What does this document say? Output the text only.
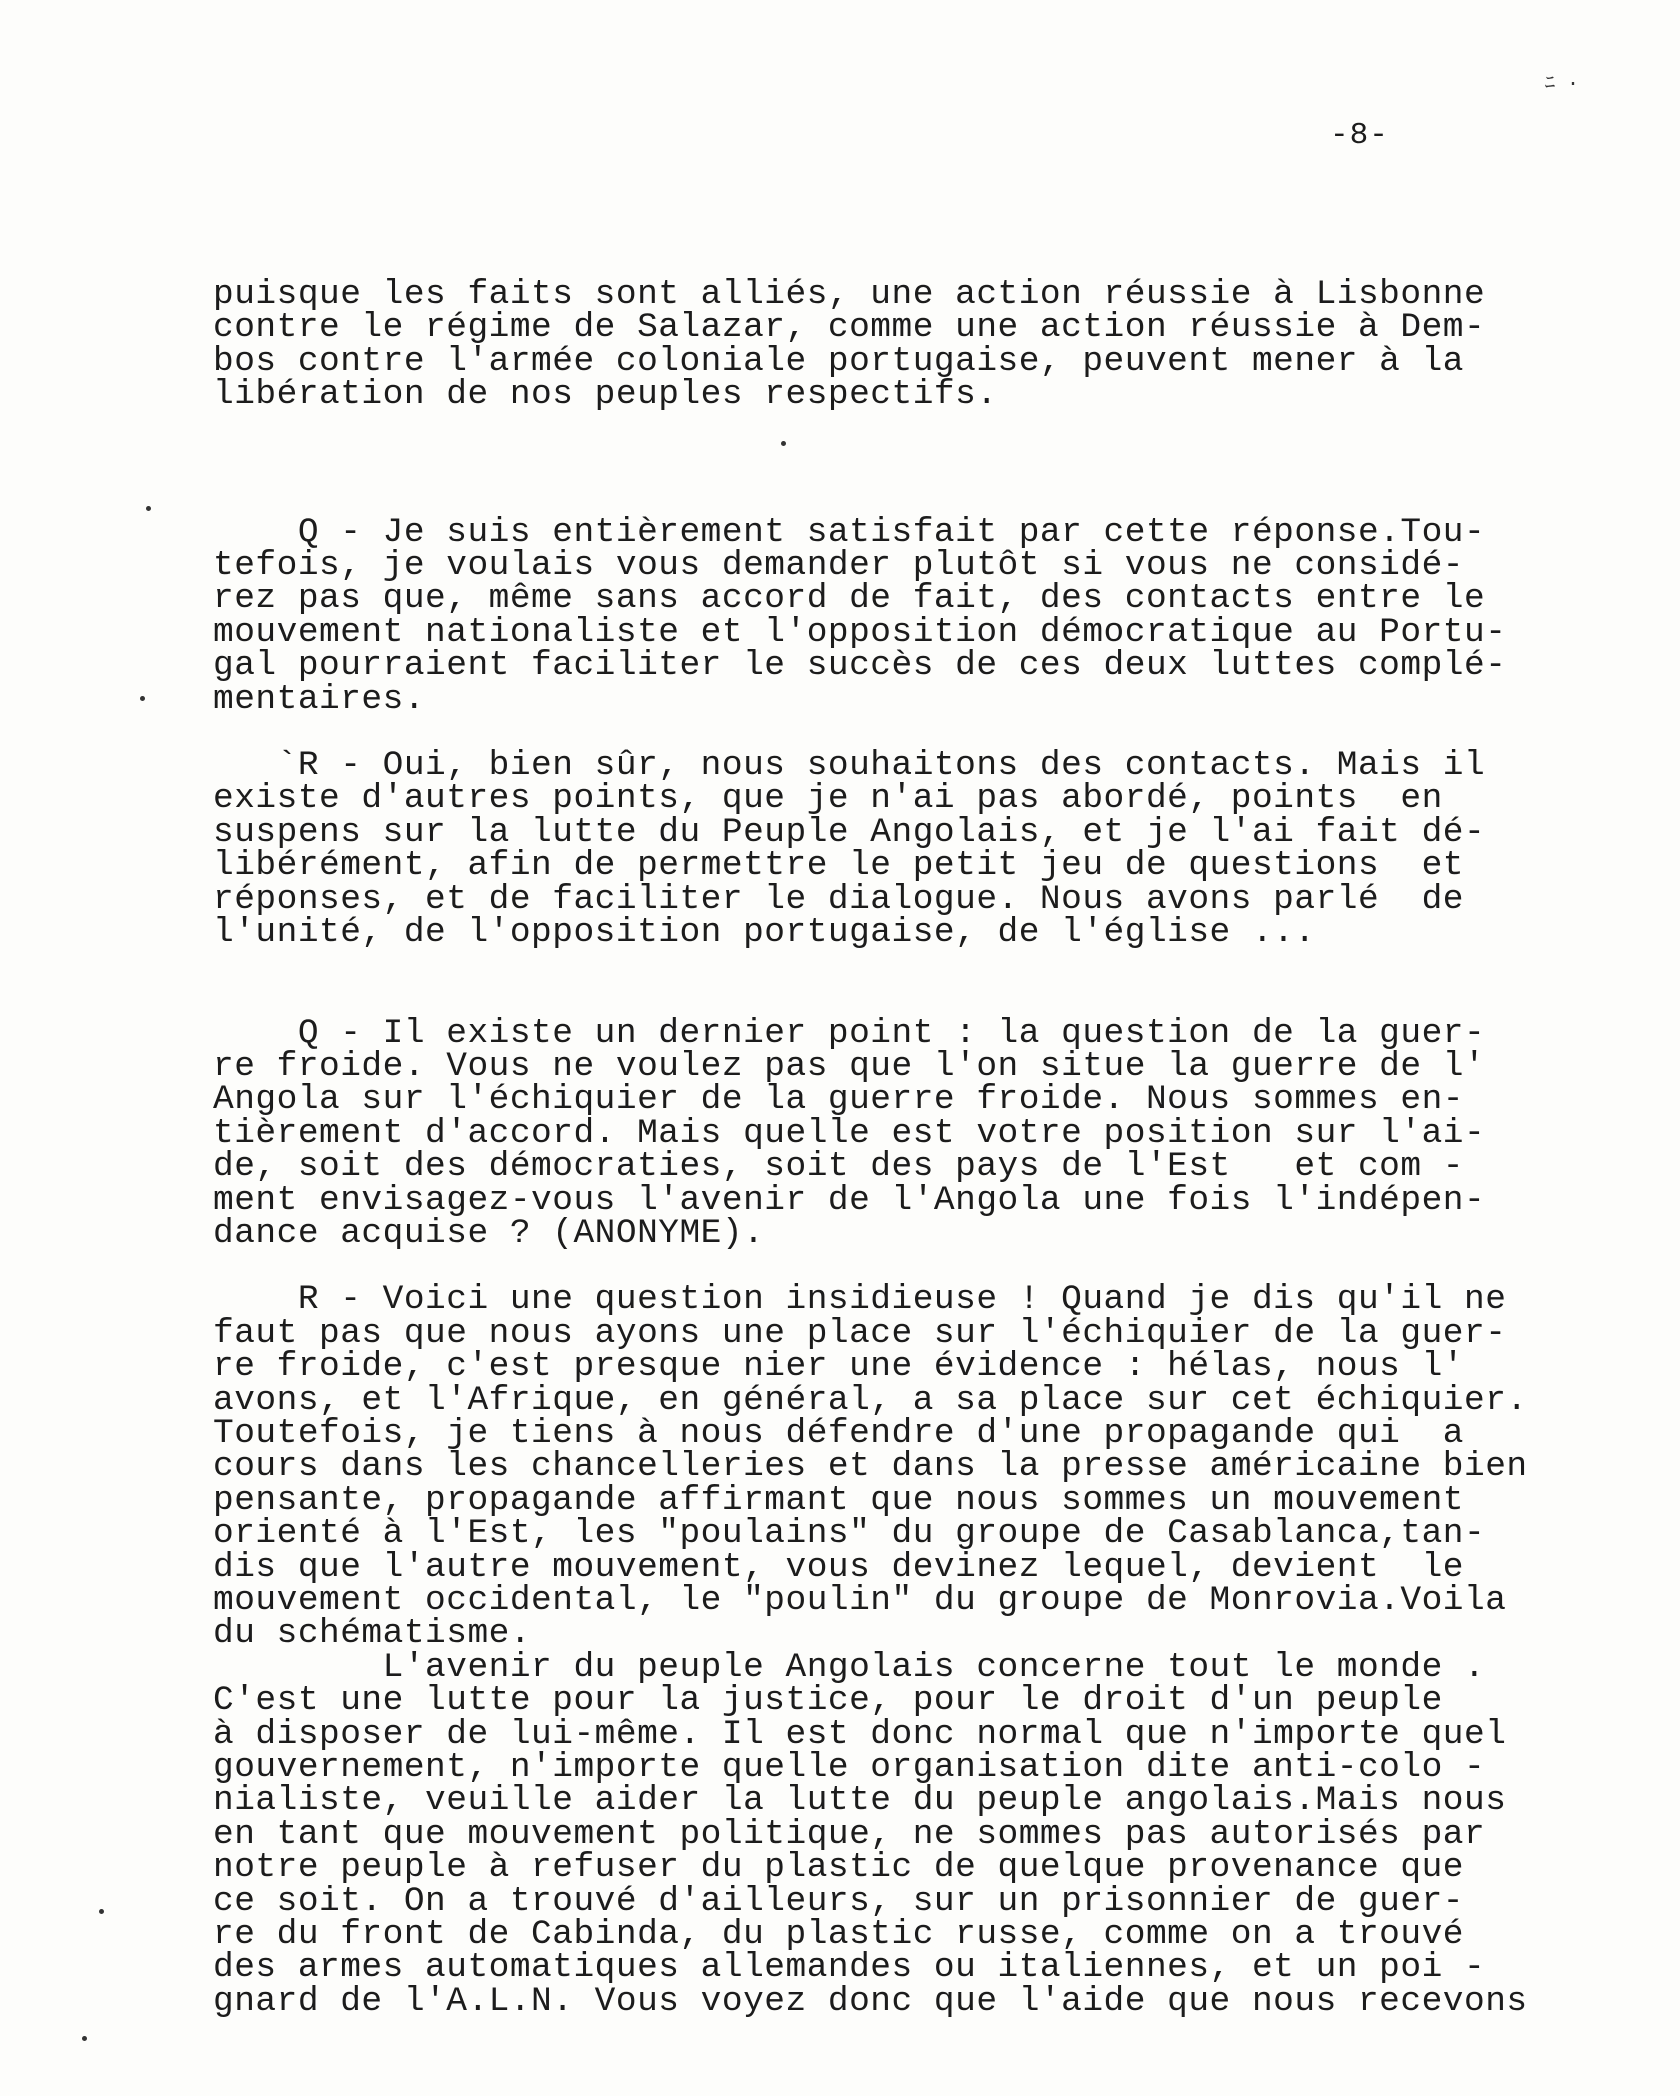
ﾆ ·
-8-
puisque les faits sont alliés, une action réussie à Lisbonne
contre le régime de Salazar, comme une action réussie à Dem-
bos contre l'armée coloniale portugaise, peuvent mener à la
libération de nos peuples respectifs.
Q - Je suis entièrement satisfait par cette réponse.Tou-
tefois, je voulais vous demander plutôt si vous ne considé-
rez pas que, même sans accord de fait, des contacts entre le
mouvement nationaliste et l'opposition démocratique au Portu-
gal pourraient faciliter le succès de ces deux luttes complé-
mentaires.
`R - Oui, bien sûr, nous souhaitons des contacts. Mais il
existe d'autres points, que je n'ai pas abordé, points  en
suspens sur la lutte du Peuple Angolais, et je l'ai fait dé-
libérément, afin de permettre le petit jeu de questions  et
réponses, et de faciliter le dialogue. Nous avons parlé  de
l'unité, de l'opposition portugaise, de l'église ...
Q - Il existe un dernier point : la question de la guer-
re froide. Vous ne voulez pas que l'on situe la guerre de l'
Angola sur l'échiquier de la guerre froide. Nous sommes en-
tièrement d'accord. Mais quelle est votre position sur l'ai-
de, soit des démocraties, soit des pays de l'Est   et com -
ment envisagez-vous l'avenir de l'Angola une fois l'indépen-
dance acquise ? (ANONYME).
R - Voici une question insidieuse ! Quand je dis qu'il ne
faut pas que nous ayons une place sur l'échiquier de la guer-
re froide, c'est presque nier une évidence : hélas, nous l'
avons, et l'Afrique, en général, a sa place sur cet échiquier.
Toutefois, je tiens à nous défendre d'une propagande qui  a
cours dans les chancelleries et dans la presse américaine bien
pensante, propagande affirmant que nous sommes un mouvement
orienté à l'Est, les "poulains" du groupe de Casablanca,tan-
dis que l'autre mouvement, vous devinez lequel, devient  le
mouvement occidental, le "poulin" du groupe de Monrovia.Voila
du schématisme.
L'avenir du peuple Angolais concerne tout le monde .
C'est une lutte pour la justice, pour le droit d'un peuple
à disposer de lui-même. Il est donc normal que n'importe quel
gouvernement, n'importe quelle organisation dite anti-colo -
nialiste, veuille aider la lutte du peuple angolais.Mais nous
en tant que mouvement politique, ne sommes pas autorisés par
notre peuple à refuser du plastic de quelque provenance que
ce soit. On a trouvé d'ailleurs, sur un prisonnier de guer-
re du front de Cabinda, du plastic russe, comme on a trouvé
des armes automatiques allemandes ou italiennes, et un poi -
gnard de l'A.L.N. Vous voyez donc que l'aide que nous recevons
